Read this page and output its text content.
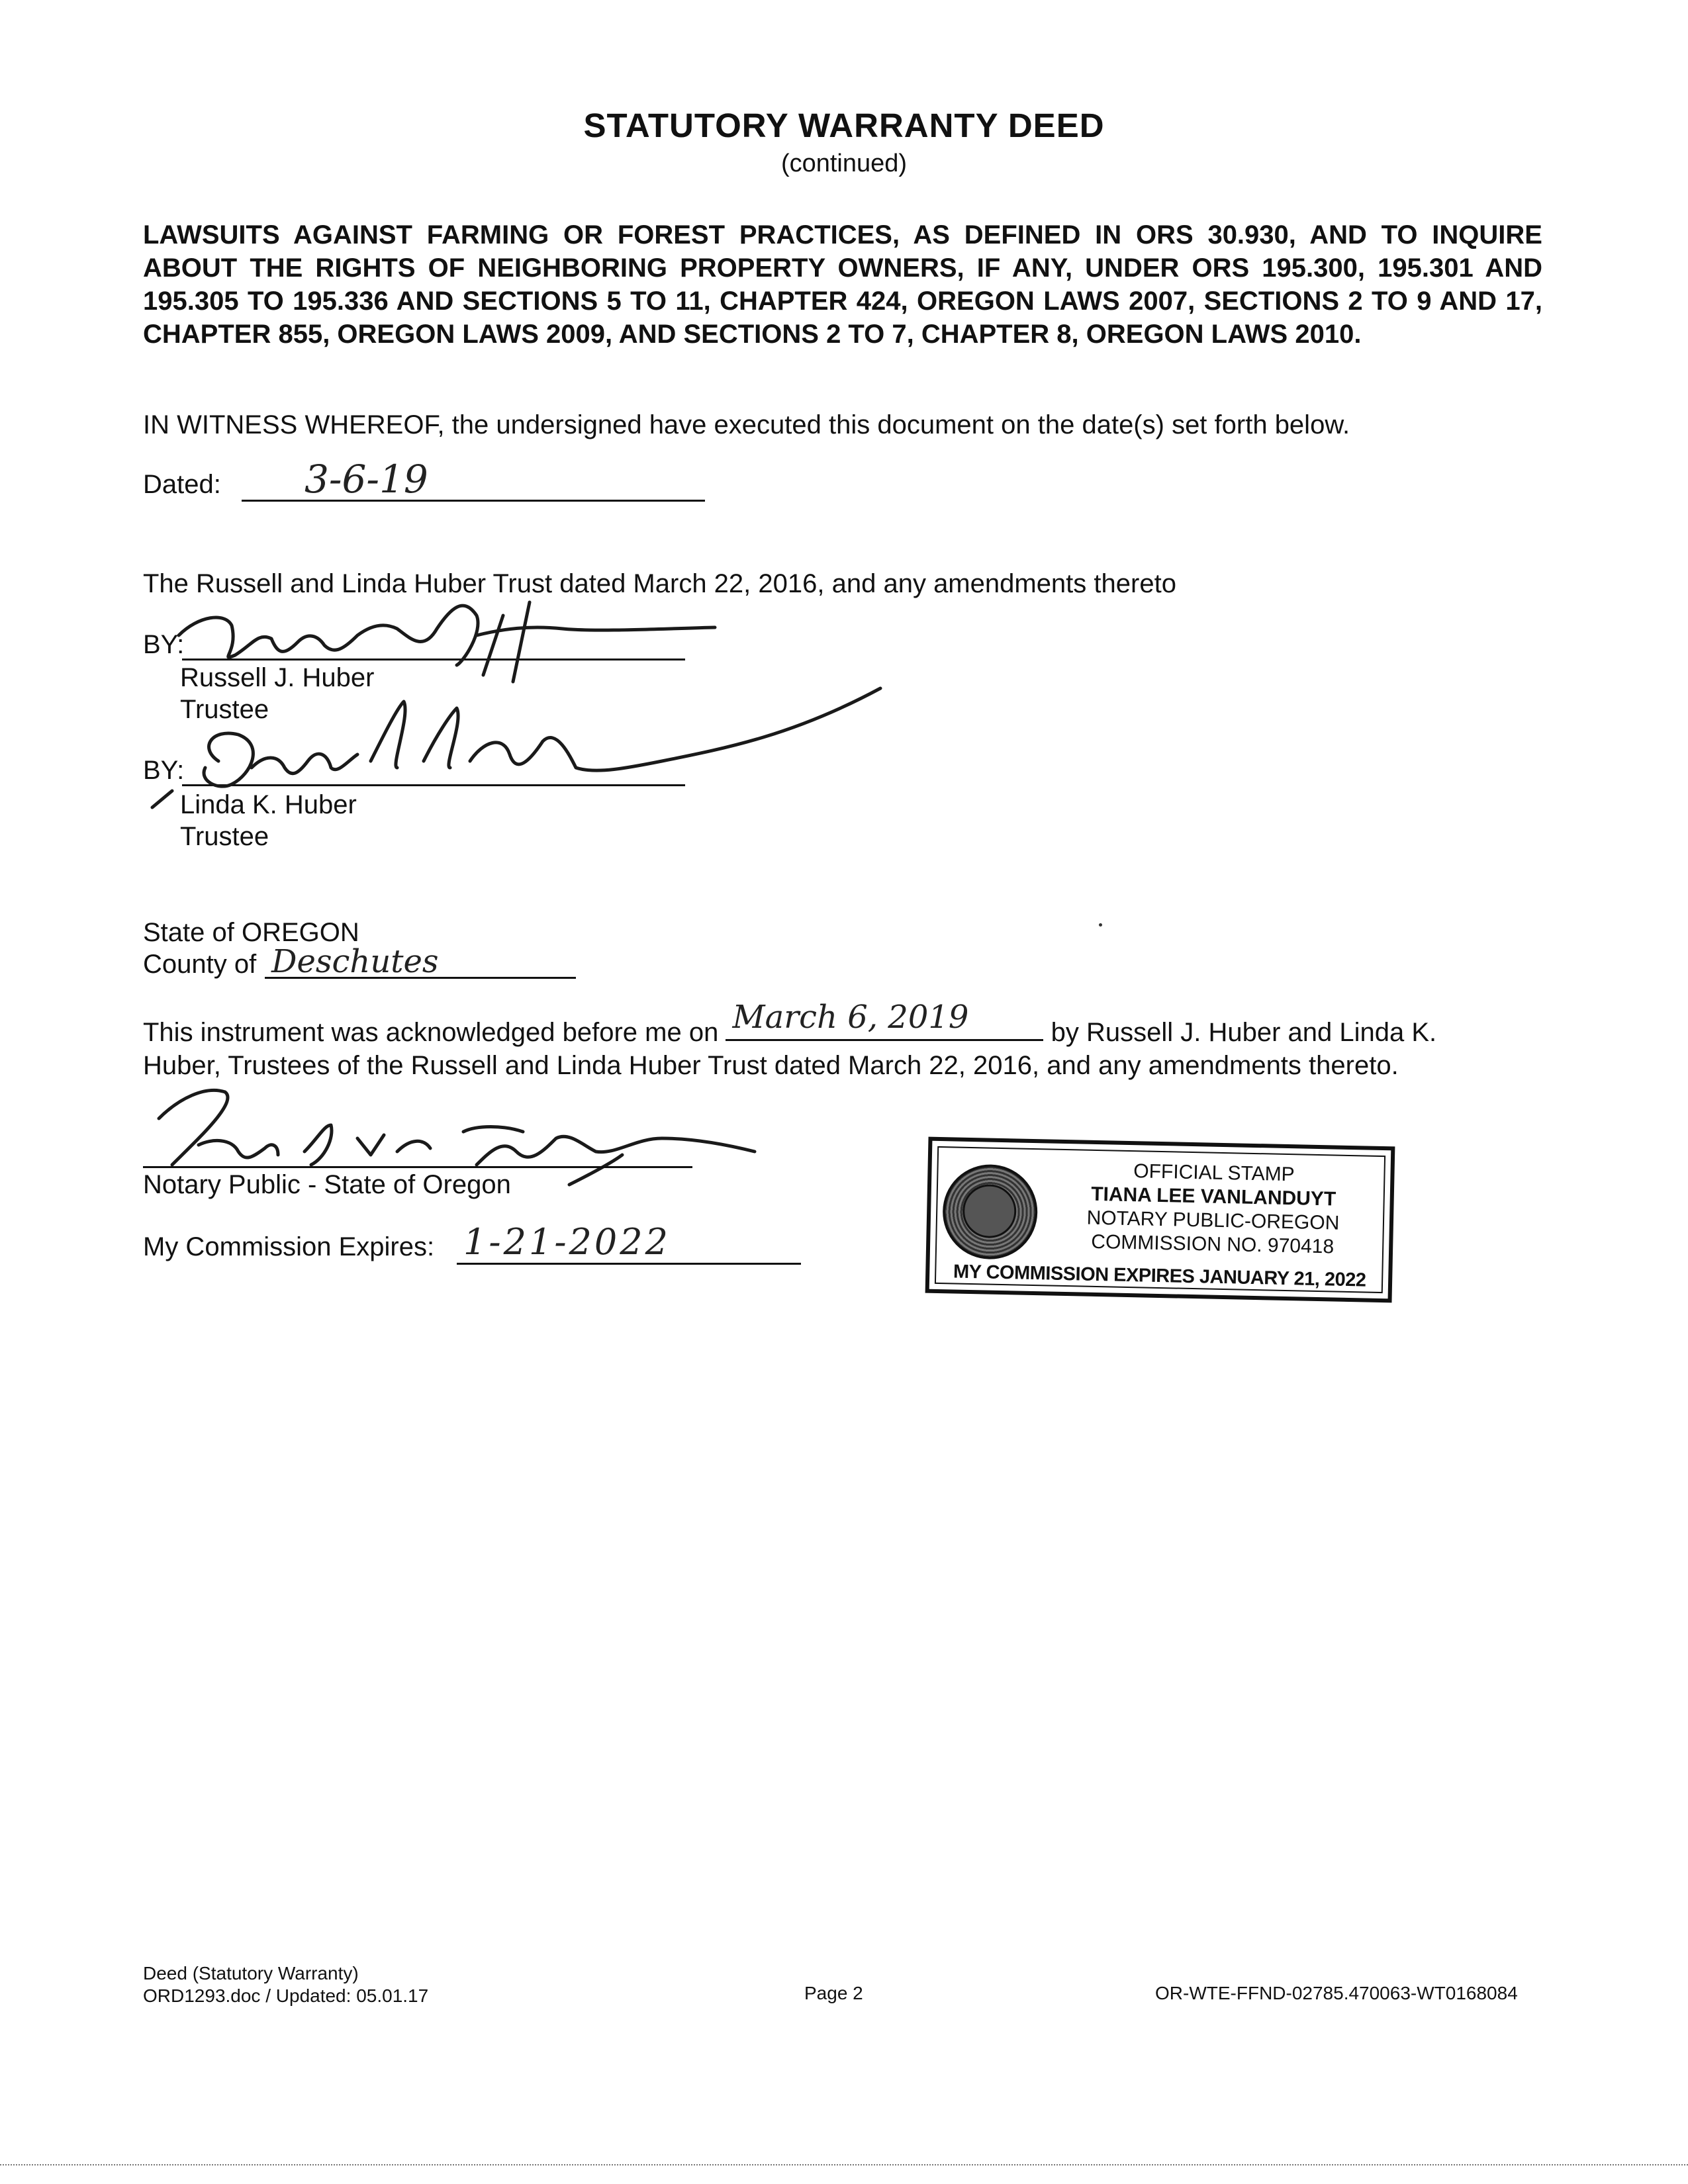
STATUTORY WARRANTY DEED
(continued)
LAWSUITS AGAINST FARMING OR FOREST PRACTICES, AS DEFINED IN ORS 30.930, AND TO INQUIRE ABOUT THE RIGHTS OF NEIGHBORING PROPERTY OWNERS, IF ANY, UNDER ORS 195.300, 195.301 AND 195.305 TO 195.336 AND SECTIONS 5 TO 11, CHAPTER 424, OREGON LAWS 2007, SECTIONS 2 TO 9 AND 17, CHAPTER 855, OREGON LAWS 2009, AND SECTIONS 2 TO 7, CHAPTER 8, OREGON LAWS 2010.
IN WITNESS WHEREOF, the undersigned have executed this document on the date(s) set forth below.
Dated: 3-6-19
The Russell and Linda Huber Trust dated March 22, 2016, and any amendments thereto
BY:
Russell J. Huber
Trustee
BY:
Linda K. Huber
Trustee
State of OREGON
County of Deschutes
This instrument was acknowledged before me on March 6, 2019	by Russell J. Huber and Linda K.
Huber, Trustees of the Russell and Linda Huber Trust dated March 22, 2016, and any amendments thereto.
Notary Public - State of Oregon
My Commission Expires: 1-21-2022
OFFICIAL STAMP
TIANA LEE VANLANDUYT
NOTARY PUBLIC-OREGON
COMMISSION NO. 970418
MY COMMISSION EXPIRES JANUARY 21, 2022
Deed (Statutory Warranty)
ORD1293.doc / Updated: 05.01.17	Page 2	OR-WTE-FFND-02785.470063-WT0168084
